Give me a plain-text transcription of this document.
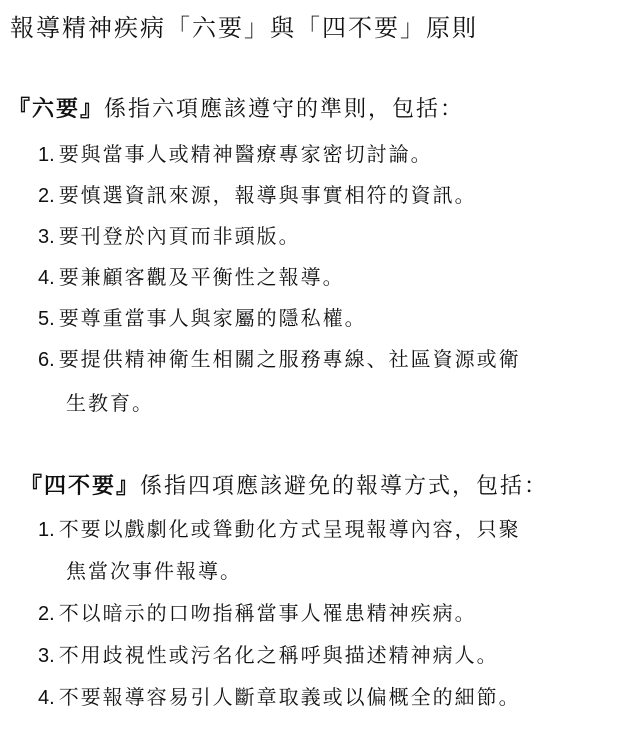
報導精神疾病「六要」與「四不要」原則
『六要』係指六項應該遵守的準則，包括：
1. 要與當事人或精神醫療專家密切討論。
2. 要慎選資訊來源，報導與事實相符的資訊。
3. 要刊登於內頁而非頭版。
4. 要兼顧客觀及平衡性之報導。
5. 要尊重當事人與家屬的隱私權。
6. 要提供精神衛生相關之服務專線、社區資源或衛
生教育。
『四不要』係指四項應該避免的報導方式，包括：
1. 不要以戲劇化或聳動化方式呈現報導內容，只聚
焦當次事件報導。
2. 不以暗示的口吻指稱當事人罹患精神疾病。
3. 不用歧視性或污名化之稱呼與描述精神病人。
4. 不要報導容易引人斷章取義或以偏概全的細節。
